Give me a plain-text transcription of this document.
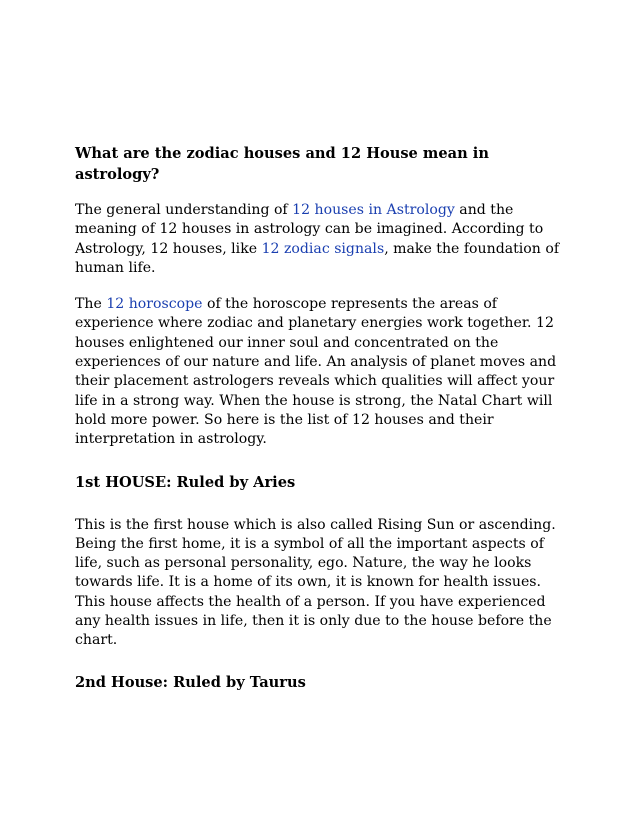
What are the zodiac houses and 12 House mean in astrology?

The general understanding of 12 houses in Astrology and the meaning of 12 houses in astrology can be imagined. According to Astrology, 12 houses, like 12 zodiac signals, make the foundation of human life.

The 12 horoscope of the horoscope represents the areas of experience where zodiac and planetary energies work together. 12 houses enlightened our inner soul and concentrated on the experiences of our nature and life. An analysis of planet moves and their placement astrologers reveals which qualities will affect your life in a strong way. When the house is strong, the Natal Chart will hold more power. So here is the list of 12 houses and their interpretation in astrology.

1st HOUSE: Ruled by Aries

This is the first house which is also called Rising Sun or ascending. Being the first home, it is a symbol of all the important aspects of life, such as personal personality, ego. Nature, the way he looks towards life. It is a home of its own, it is known for health issues. This house affects the health of a person. If you have experienced any health issues in life, then it is only due to the house before the chart.

2nd House: Ruled by Taurus
